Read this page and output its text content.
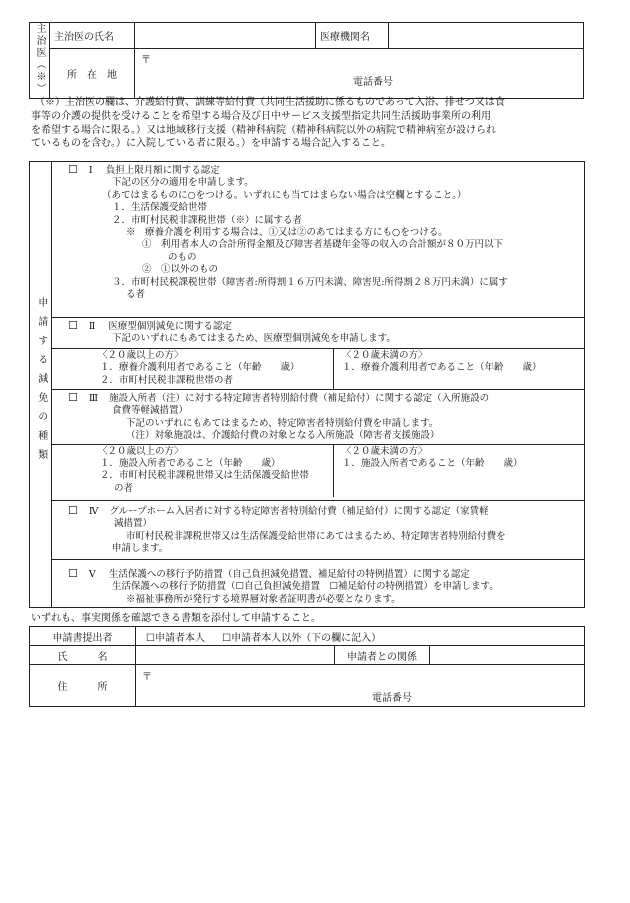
主治医（※）	主治医の氏名		医療機関名	
	所　在　地	〒
電話番号		
（※）主治医の欄は、介護給付費、訓練等給付費（共同生活援助に係るものであって入浴、排せつ又は食
事等の介護の提供を受けることを希望する場合及び日中サービス支援型指定共同生活援助事業所の利用
を希望する場合に限る。）又は地域移行支援（精神科病院（精神科病院以外の病院で精神病室が設けられ
ているものを含む。）に入院している者に限る。）を申請する場合記入すること。
申請する減免の種類	
☐ Ⅰ 負担上限月額に関する認定
下記の区分の適用を申請します。
（あてはまるものに○をつける。いずれにも当てはまらない場合は空欄とすること。）
１．生活保護受給世帯
２．市町村民税非課税世帯（※）に属する者
※　療養介護を利用する場合は、①又は②のあてはまる方にも○をつける。
①　利用者本人の合計所得金額及び障害者基礎年金等の収入の合計額が８０万円以下
のもの
②　①以外のもの
３．市町村民税課税世帯（障害者:所得割１６万円未満、障害児:所得割２８万円未満）に属す
る者

☐ Ⅱ 医療型個別減免に関する認定
下記のいずれにもあてはまるため、医療型個別減免を申請します。
〈２０歳以上の方〉
１．療養介護利用者であること（年齢　　歳）
２．市町村民税非課税世帯の者
〈２０歳未満の方〉
１．療養介護利用者であること（年齢　　歳）

☐ Ⅲ 施設入所者（注）に対する特定障害者特別給付費（補足給付）に関する認定（入所施設の
食費等軽減措置）
下記のいずれにもあてはまるため、特定障害者特別給付費を申請します。
（注）対象施設は、介護給付費の対象となる入所施設（障害者支援施設）
〈２０歳以上の方〉
１．施設入所者であること（年齢　　歳）
２．市町村民税非課税世帯又は生活保護受給世帯
の者
〈２０歳未満の方〉
１．施設入所者であること（年齢　　歳）

☐ Ⅳ グループホーム入居者に対する特定障害者特別給付費（補足給付）に関する認定（家賃軽
減措置）
市町村民税非課税世帯又は生活保護受給世帯にあてはまるため、特定障害者特別給付費を
申請します。

☐ Ⅴ 生活保護への移行予防措置（自己負担減免措置、補足給付の特例措置）に関する認定
生活保護への移行予防措置（☐自己負担減免措置　☐補足給付の特例措置）を申請します。
※福祉事務所が発行する境界層対象者証明書が必要となります。
いずれも、事実関係を確認できる書類を添付して申請すること。
申請書提出者	☐申請者本人 ☐申請者本人以外（下の欄に記入）		
氏　　　名		申請者との関係	
住　　　所	〒
電話番号		
